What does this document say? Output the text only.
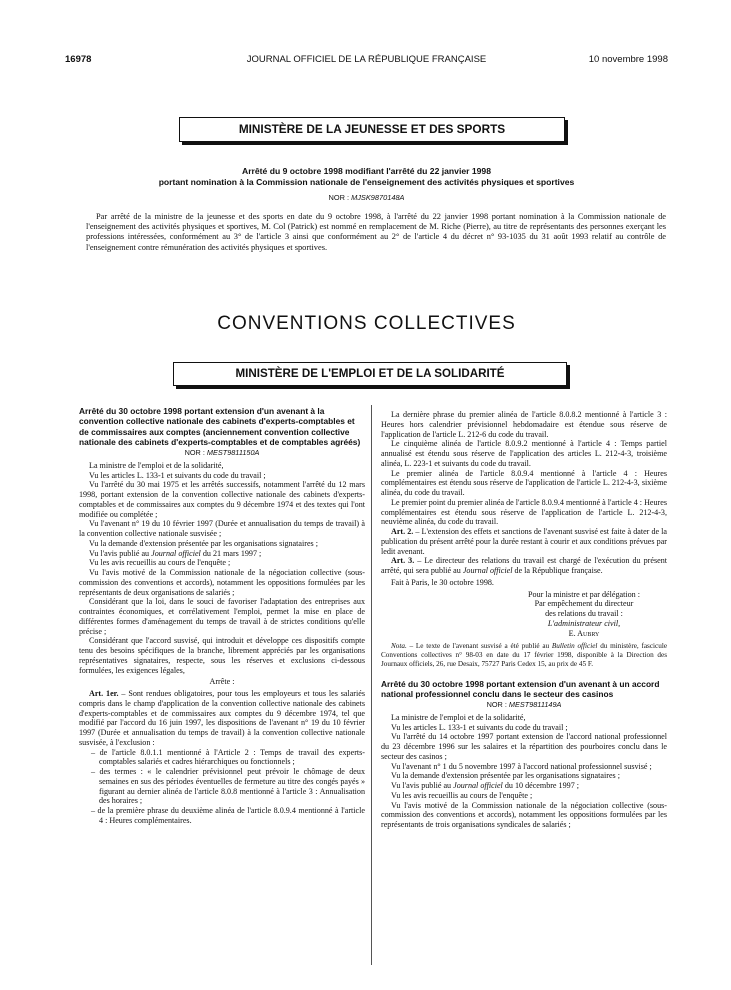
16978	JOURNAL OFFICIEL DE LA RÉPUBLIQUE FRANÇAISE	10 novembre 1998
MINISTÈRE DE LA JEUNESSE ET DES SPORTS
Arrêté du 9 octobre 1998 modifiant l'arrêté du 22 janvier 1998
portant nomination à la Commission nationale de l'enseignement des activités physiques et sportives
NOR : MJSK9870148A

Par arrêté de la ministre de la jeunesse et des sports en date du 9 octobre 1998, à l'arrêté du 22 janvier 1998 portant nomination à la Commission nationale de l'enseignement des activités physiques et sportives, M. Col (Patrick) est nommé en remplacement de M. Riche (Pierre), au titre de représentants des personnes exerçant les professions intéressées, conformément au 3° de l'article 3 ainsi que conformément au 2° de l'article 4 du décret n° 93-1035 du 31 août 1993 relatif au contrôle de l'enseignement contre rémunération des activités physiques et sportives.

CONVENTIONS COLLECTIVES
MINISTÈRE DE L'EMPLOI ET DE LA SOLIDARITÉ

Arrêté du 30 octobre 1998 portant extension d'un avenant à la convention collective nationale des cabinets d'experts-comptables et de commissaires aux comptes (anciennement convention collective nationale des cabinets d'experts-comptables et de comptables agréés)

NOR : MEST9811150A

La ministre de l'emploi et de la solidarité,

Vu les articles L. 133-1 et suivants du code du travail ;

Vu l'arrêté du 30 mai 1975 et les arrêtés successifs, notamment l'arrêté du 12 mars 1998, portant extension de la convention collective nationale des cabinets d'experts-comptables et de commissaires aux comptes du 9 décembre 1974 et des textes qui l'ont modifiée ou complétée ;

Vu l'avenant n° 19 du 10 février 1997 (Durée et annualisation du temps de travail) à la convention collective nationale susvisée ;

Vu la demande d'extension présentée par les organisations signataires ;

Vu l'avis publié au Journal officiel du 21 mars 1997 ;

Vu les avis recueillis au cours de l'enquête ;

Vu l'avis motivé de la Commission nationale de la négociation collective (sous-commission des conventions et accords), notamment les oppositions formulées par les représentants de deux organisations de salariés ;

Considérant que la loi, dans le souci de favoriser l'adaptation des entreprises aux contraintes économiques, et corrélativement l'emploi, permet la mise en place de différentes formes d'aménagement du temps de travail à de strictes conditions qu'elle précise ;

Considérant que l'accord susvisé, qui introduit et développe ces dispositifs compte tenu des besoins spécifiques de la branche, librement appréciés par les organisations représentatives signataires, respecte, sous les réserves et exclusions ci-dessous formulées, les exigences légales,

Arrête :

Art. 1er. – Sont rendues obligatoires, pour tous les employeurs et tous les salariés compris dans le champ d'application de la convention collective nationale des cabinets d'experts-comptables et de commissaires aux comptes du 9 décembre 1974, tel que modifié par l'accord du 16 juin 1997, les dispositions de l'avenant n° 19 du 10 février 1997 (Durée et annualisation du temps de travail) à la convention collective nationale susvisée, à l'exclusion :

– de l'article 8.0.1.1 mentionné à l'Article 2 : Temps de travail des experts-comptables salariés et cadres hiérarchiques ou fonctionnels ;

– des termes : « le calendrier prévisionnel peut prévoir le chômage de deux semaines en sus des périodes éventuelles de fermeture au titre des congés payés » figurant au dernier alinéa de l'article 8.0.8 mentionné à l'article 3 : Annualisation des horaires ;

– de la première phrase du deuxième alinéa de l'article 8.0.9.4 mentionné à l'article 4 : Heures complémentaires.

La dernière phrase du premier alinéa de l'article 8.0.8.2 mentionné à l'article 3 : Heures hors calendrier prévisionnel hebdomadaire est étendue sous réserve de l'application de l'article L. 212-6 du code du travail.

Le cinquième alinéa de l'article 8.0.9.2 mentionné à l'article 4 : Temps partiel annualisé est étendu sous réserve de l'application des articles L. 212-4-3, troisième alinéa, L. 223-1 et suivants du code du travail.

Le premier alinéa de l'article 8.0.9.4 mentionné à l'article 4 : Heures complémentaires est étendu sous réserve de l'application de l'article L. 212-4-3, sixième alinéa, du code du travail.

Le premier point du premier alinéa de l'article 8.0.9.4 mentionné à l'article 4 : Heures complémentaires est étendu sous réserve de l'application de l'article L. 212-4-3, neuvième alinéa, du code du travail.

Art. 2. – L'extension des effets et sanctions de l'avenant susvisé est faite à dater de la publication du présent arrêté pour la durée restant à courir et aux conditions prévues par ledit avenant.

Art. 3. – Le directeur des relations du travail est chargé de l'exécution du présent arrêté, qui sera publié au Journal officiel de la République française.

Fait à Paris, le 30 octobre 1998.

Pour la ministre et par délégation :

Par empêchement du directeur

des relations du travail :

L'administrateur civil,

E. Aubry

Nota. – Le texte de l'avenant susvisé a été publié au Bulletin officiel du ministère, fascicule Conventions collectives n° 98-03 en date du 17 février 1998, disponible à la Direction des Journaux officiels, 26, rue Desaix, 75727 Paris Cedex 15, au prix de 45 F.

Arrêté du 30 octobre 1998 portant extension d'un avenant à un accord national professionnel conclu dans le secteur des casinos

NOR : MEST9811149A

La ministre de l'emploi et de la solidarité,

Vu les articles L. 133-1 et suivants du code du travail ;

Vu l'arrêté du 14 octobre 1997 portant extension de l'accord national professionnel du 23 décembre 1996 sur les salaires et la répartition des pourboires conclu dans le secteur des casinos ;

Vu l'avenant n° 1 du 5 novembre 1997 à l'accord national professionnel susvisé ;

Vu la demande d'extension présentée par les organisations signataires ;

Vu l'avis publié au Journal officiel du 10 décembre 1997 ;

Vu les avis recueillis au cours de l'enquête ;

Vu l'avis motivé de la Commission nationale de la négociation collective (sous-commission des conventions et accords), notamment les oppositions formulées par les représentants de trois organisations syndicales de salariés ;
